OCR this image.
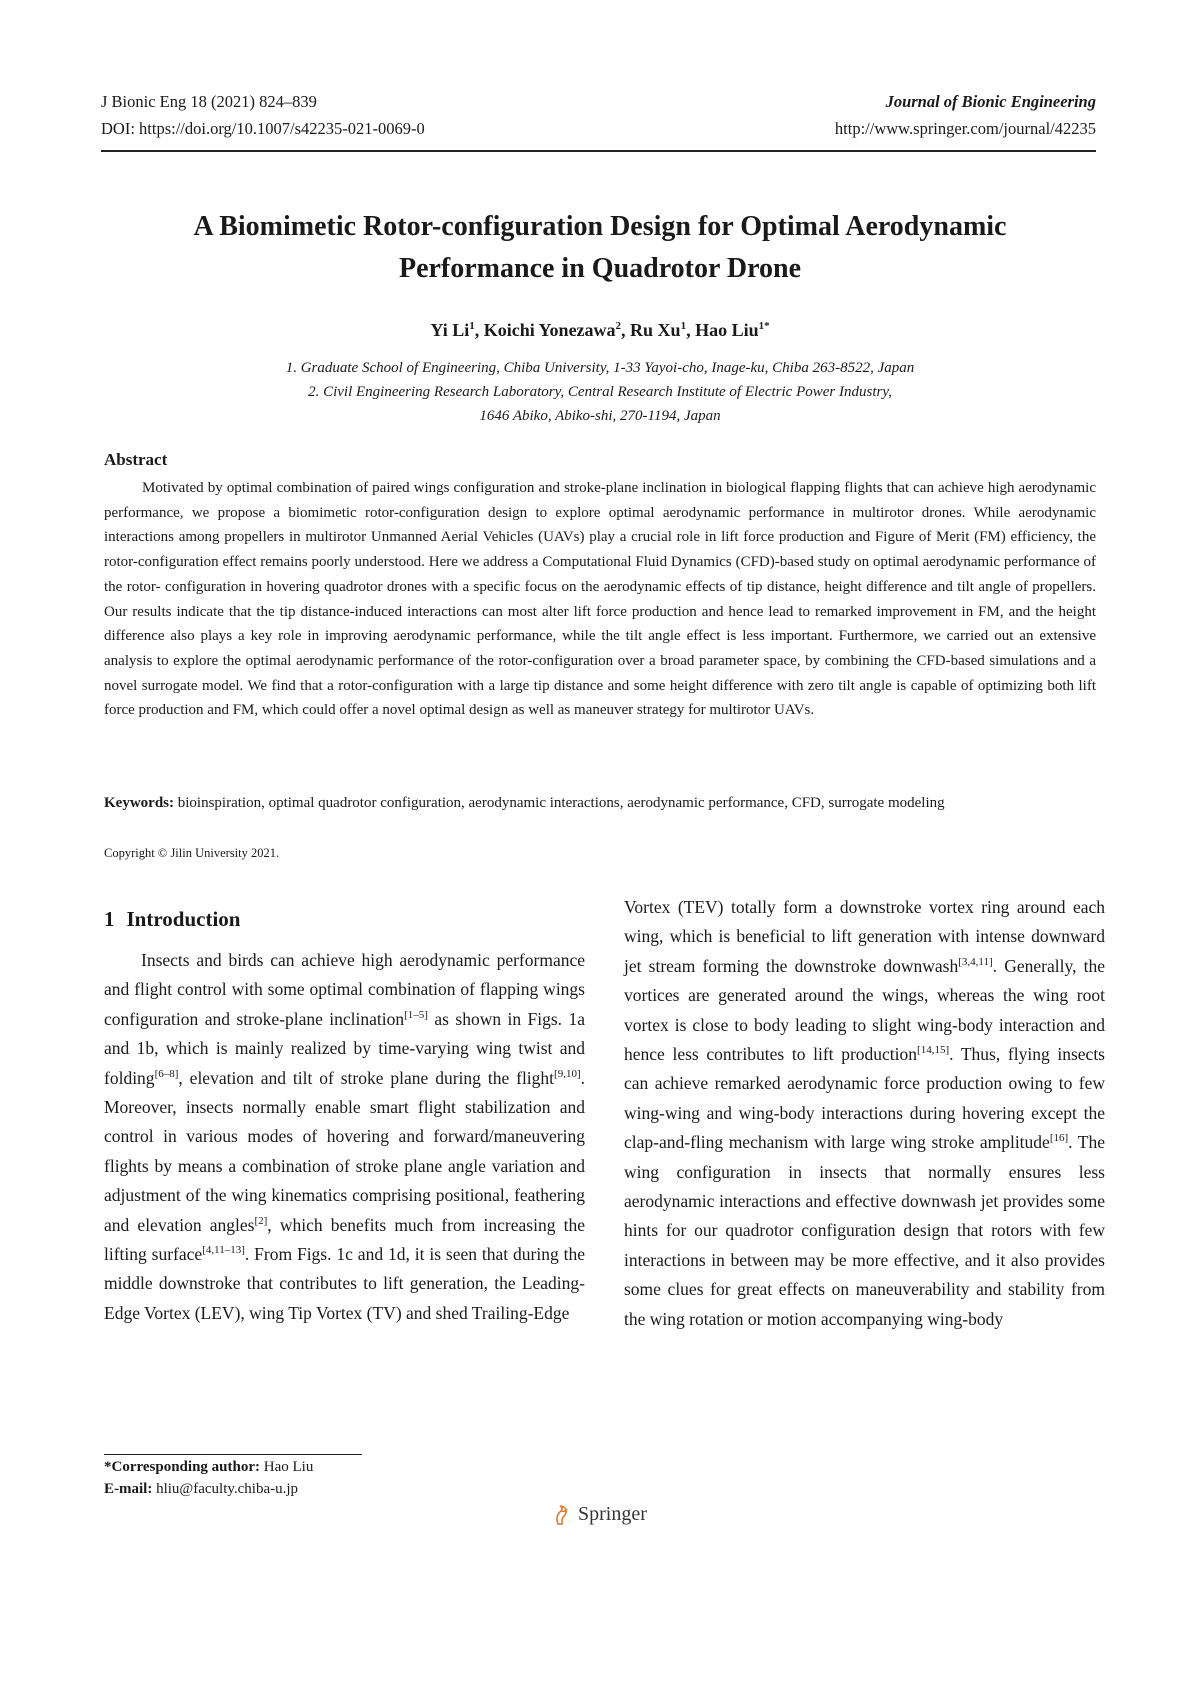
J Bionic Eng 18 (2021) 824–839	Journal of Bionic Engineering
DOI: https://doi.org/10.1007/s42235-021-0069-0	http://www.springer.com/journal/42235
A Biomimetic Rotor-configuration Design for Optimal Aerodynamic
Performance in Quadrotor Drone
Yi Li$^1$, Koichi Yonezawa$^2$, Ru Xu$^1$, Hao Liu$^{1*}$
1. Graduate School of Engineering, Chiba University, 1-33 Yayoi-cho, Inage-ku, Chiba 263-8522, Japan
2. Civil Engineering Research Laboratory, Central Research Institute of Electric Power Industry,
1646 Abiko, Abiko-shi, 270-1194, Japan
Abstract
Motivated by optimal combination of paired wings configuration and stroke-plane inclination in biological flapping flights that can achieve high aerodynamic performance, we propose a biomimetic rotor-configuration design to explore optimal aerodynamic performance in multirotor drones. While aerodynamic interactions among propellers in multirotor Unmanned Aerial Vehicles (UAVs) play a crucial role in lift force production and Figure of Merit (FM) efficiency, the rotor-configuration effect remains poorly understood. Here we address a Computational Fluid Dynamics (CFD)-based study on optimal aerodynamic performance of the rotor- configuration in hovering quadrotor drones with a specific focus on the aerodynamic effects of tip distance, height difference and tilt angle of propellers. Our results indicate that the tip distance-induced interactions can most alter lift force production and hence lead to remarked improvement in FM, and the height difference also plays a key role in improving aerodynamic performance, while the tilt angle effect is less important. Furthermore, we carried out an extensive analysis to explore the optimal aerodynamic performance of the rotor-configuration over a broad parameter space, by combining the CFD-based simulations and a novel surrogate model. We find that a rotor-configuration with a large tip distance and some height difference with zero tilt angle is capable of optimizing both lift force production and FM, which could offer a novel optimal design as well as maneuver strategy for multirotor UAVs.
Keywords: bioinspiration, optimal quadrotor configuration, aerodynamic interactions, aerodynamic performance, CFD, surrogate modeling
Copyright © Jilin University 2021.
1 Introduction
Insects and birds can achieve high aerodynamic performance and flight control with some optimal combination of flapping wings configuration and stroke-plane inclination[1–5] as shown in Figs. 1a and 1b, which is mainly realized by time-varying wing twist and folding[6–8], elevation and tilt of stroke plane during the flight[9,10]. Moreover, insects normally enable smart flight stabilization and control in various modes of hovering and forward/maneuvering flights by means a combination of stroke plane angle variation and adjustment of the wing kinematics comprising positional, feathering and elevation angles[2], which benefits much from increasing the lifting surface[4,11–13]. From Figs. 1c and 1d, it is seen that during the middle downstroke that contributes to lift generation, the Leading-Edge Vortex (LEV), wing Tip Vortex (TV) and shed Trailing-Edge
Vortex (TEV) totally form a downstroke vortex ring around each wing, which is beneficial to lift generation with intense downward jet stream forming the downstroke downwash[3,4,11]. Generally, the vortices are generated around the wings, whereas the wing root vortex is close to body leading to slight wing-body interaction and hence less contributes to lift production[14,15]. Thus, flying insects can achieve remarked aerodynamic force production owing to few wing-wing and wing-body interactions during hovering except the clap-and-fling mechanism with large wing stroke amplitude[16]. The wing configuration in insects that normally ensures less aerodynamic interactions and effective downwash jet provides some hints for our quadrotor configuration design that rotors with few interactions in between may be more effective, and it also provides some clues for great effects on maneuverability and stability from the wing rotation or motion accompanying wing-body
*Corresponding author: Hao Liu
E-mail: hliu@faculty.chiba-u.jp
Springer
